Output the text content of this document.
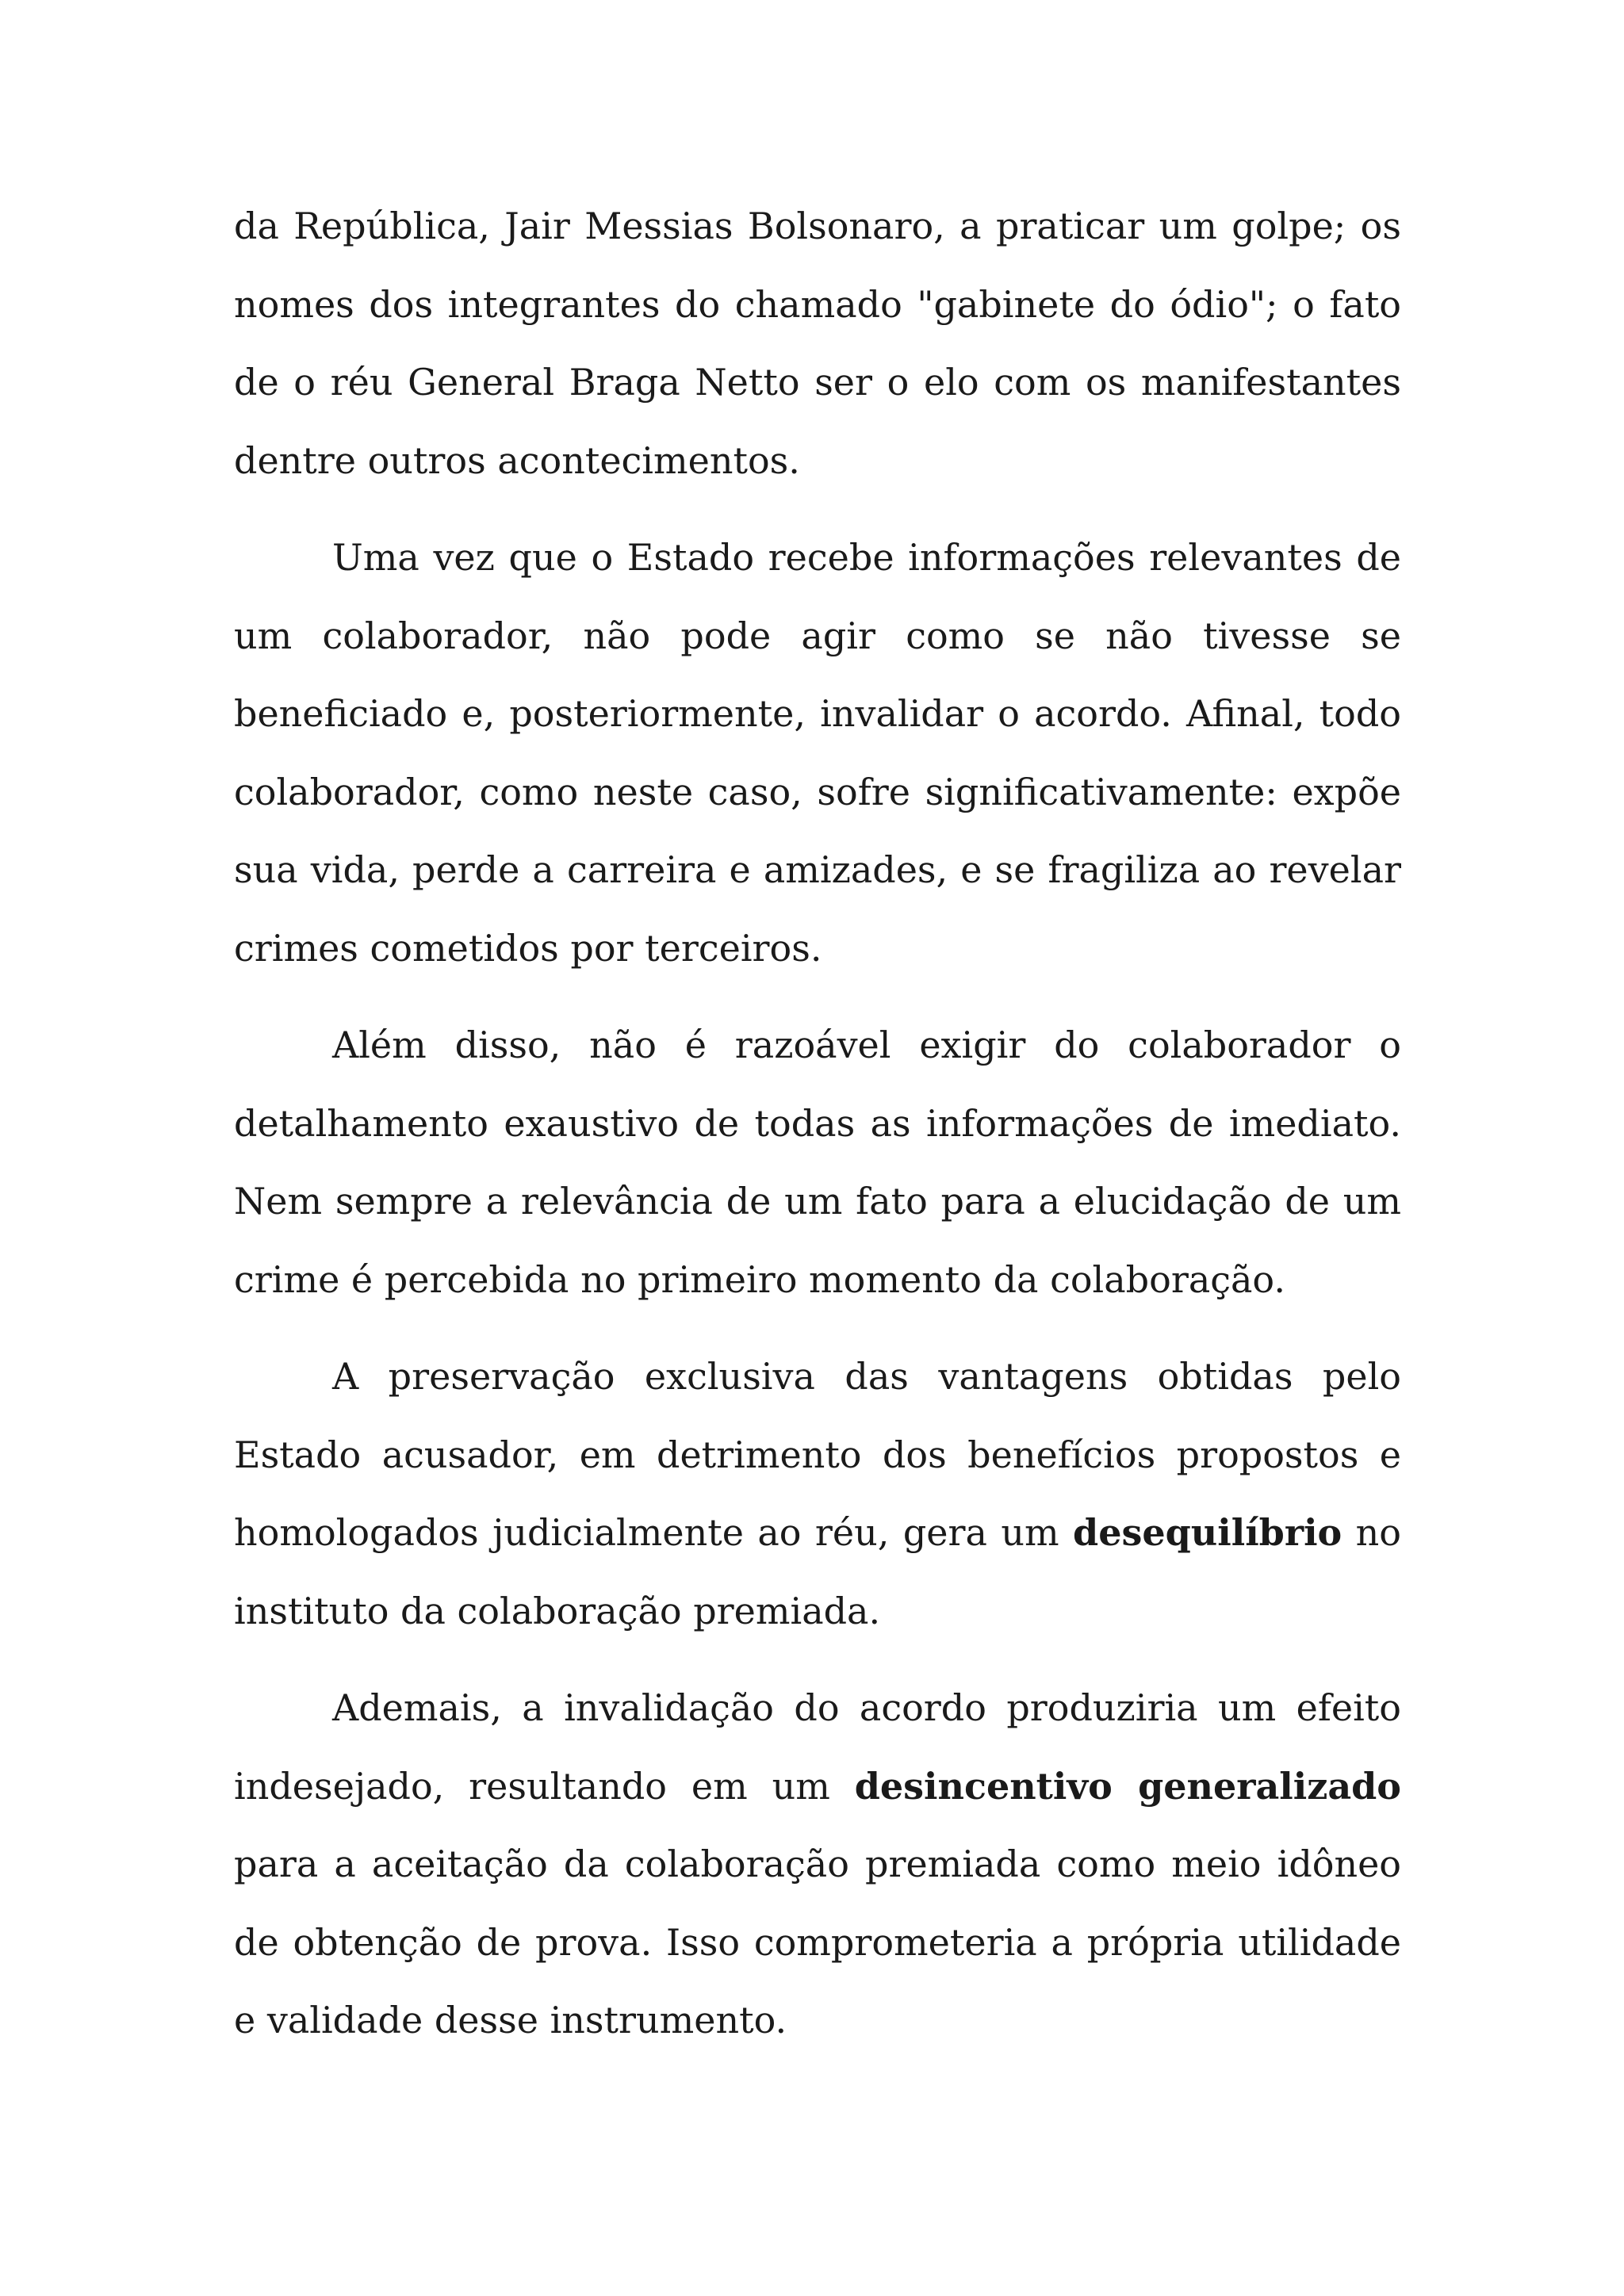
da República, Jair Messias Bolsonaro, a praticar um golpe; os nomes dos integrantes do chamado "gabinete do ódio"; o fato de o réu General Braga Netto ser o elo com os manifestantes dentre outros acontecimentos.

Uma vez que o Estado recebe informações relevantes de um colaborador, não pode agir como se não tivesse se beneficiado e, posteriormente, invalidar o acordo. Afinal, todo colaborador, como neste caso, sofre significativamente: expõe sua vida, perde a carreira e amizades, e se fragiliza ao revelar crimes cometidos por terceiros.

Além disso, não é razoável exigir do colaborador o detalhamento exaustivo de todas as informações de imediato. Nem sempre a relevância de um fato para a elucidação de um crime é percebida no primeiro momento da colaboração.

A preservação exclusiva das vantagens obtidas pelo Estado acusador, em detrimento dos benefícios propostos e homologados judicialmente ao réu, gera um desequilíbrio no instituto da colaboração premiada.

Ademais, a invalidação do acordo produziria um efeito indesejado, resultando em um desincentivo generalizado para a aceitação da colaboração premiada como meio idôneo de obtenção de prova. Isso comprometeria a própria utilidade e validade desse instrumento.
